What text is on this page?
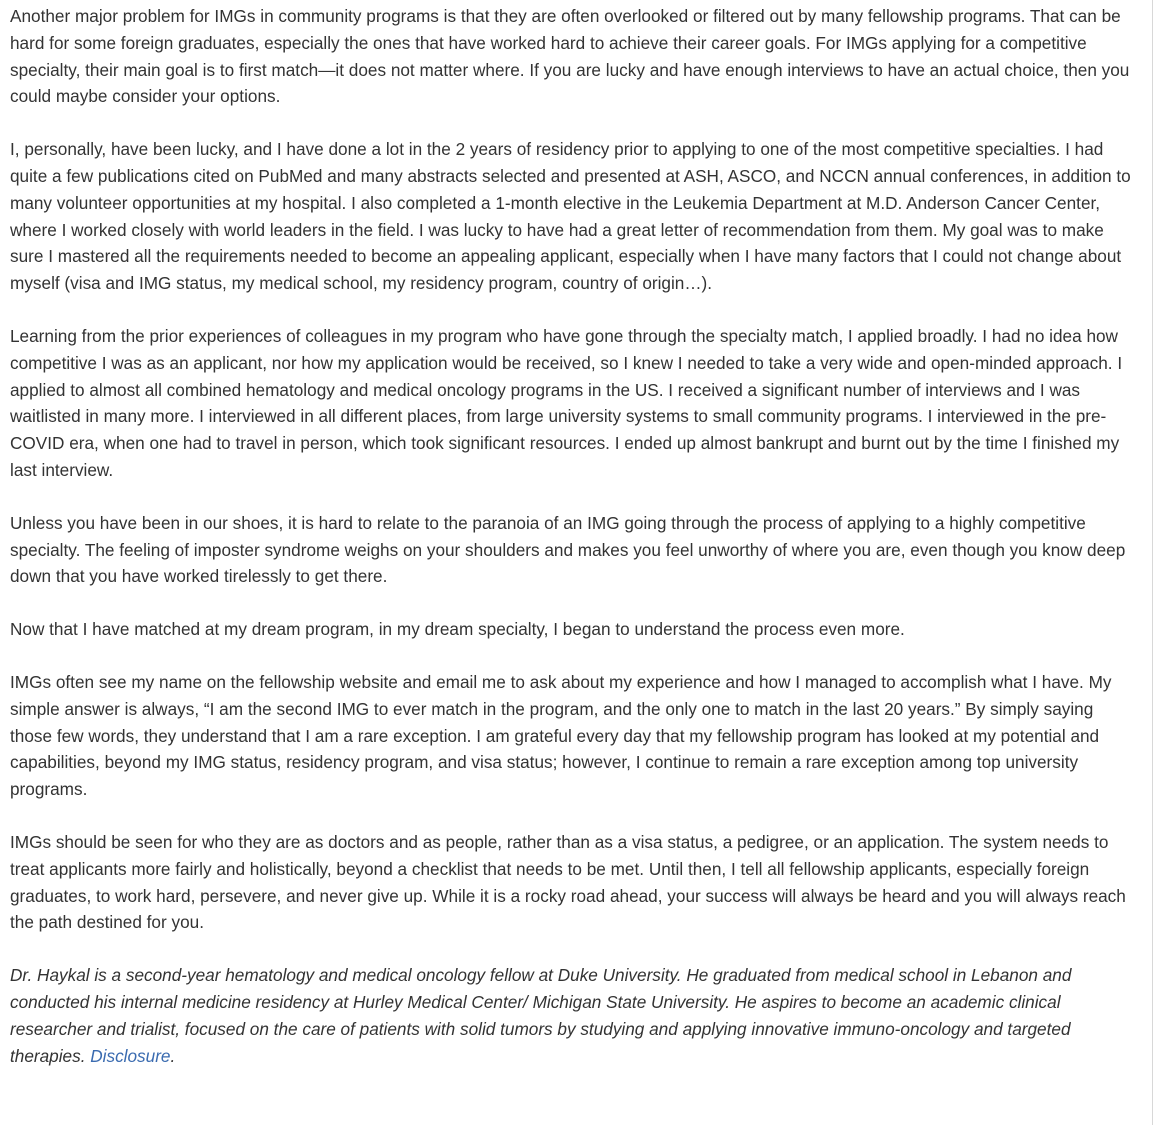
Another major problem for IMGs in community programs is that they are often overlooked or filtered out by many fellowship programs. That can be hard for some foreign graduates, especially the ones that have worked hard to achieve their career goals. For IMGs applying for a competitive specialty, their main goal is to first match—it does not matter where. If you are lucky and have enough interviews to have an actual choice, then you could maybe consider your options.

I, personally, have been lucky, and I have done a lot in the 2 years of residency prior to applying to one of the most competitive specialties. I had quite a few publications cited on PubMed and many abstracts selected and presented at ASH, ASCO, and NCCN annual conferences, in addition to many volunteer opportunities at my hospital. I also completed a 1-month elective in the Leukemia Department at M.D. Anderson Cancer Center, where I worked closely with world leaders in the field. I was lucky to have had a great letter of recommendation from them. My goal was to make sure I mastered all the requirements needed to become an appealing applicant, especially when I have many factors that I could not change about myself (visa and IMG status, my medical school, my residency program, country of origin…).

Learning from the prior experiences of colleagues in my program who have gone through the specialty match, I applied broadly. I had no idea how competitive I was as an applicant, nor how my application would be received, so I knew I needed to take a very wide and open-minded approach. I applied to almost all combined hematology and medical oncology programs in the US. I received a significant number of interviews and I was waitlisted in many more. I interviewed in all different places, from large university systems to small community programs. I interviewed in the pre-COVID era, when one had to travel in person, which took significant resources. I ended up almost bankrupt and burnt out by the time I finished my last interview.

Unless you have been in our shoes, it is hard to relate to the paranoia of an IMG going through the process of applying to a highly competitive specialty. The feeling of imposter syndrome weighs on your shoulders and makes you feel unworthy of where you are, even though you know deep down that you have worked tirelessly to get there.

Now that I have matched at my dream program, in my dream specialty, I began to understand the process even more.

IMGs often see my name on the fellowship website and email me to ask about my experience and how I managed to accomplish what I have. My simple answer is always, “I am the second IMG to ever match in the program, and the only one to match in the last 20 years.” By simply saying those few words, they understand that I am a rare exception. I am grateful every day that my fellowship program has looked at my potential and capabilities, beyond my IMG status, residency program, and visa status; however, I continue to remain a rare exception among top university programs.

IMGs should be seen for who they are as doctors and as people, rather than as a visa status, a pedigree, or an application. The system needs to treat applicants more fairly and holistically, beyond a checklist that needs to be met. Until then, I tell all fellowship applicants, especially foreign graduates, to work hard, persevere, and never give up. While it is a rocky road ahead, your success will always be heard and you will always reach the path destined for you.

Dr. Haykal is a second-year hematology and medical oncology fellow at Duke University. He graduated from medical school in Lebanon and conducted his internal medicine residency at Hurley Medical Center/ Michigan State University. He aspires to become an academic clinical researcher and trialist, focused on the care of patients with solid tumors by studying and applying innovative immuno-oncology and targeted therapies. Disclosure.
